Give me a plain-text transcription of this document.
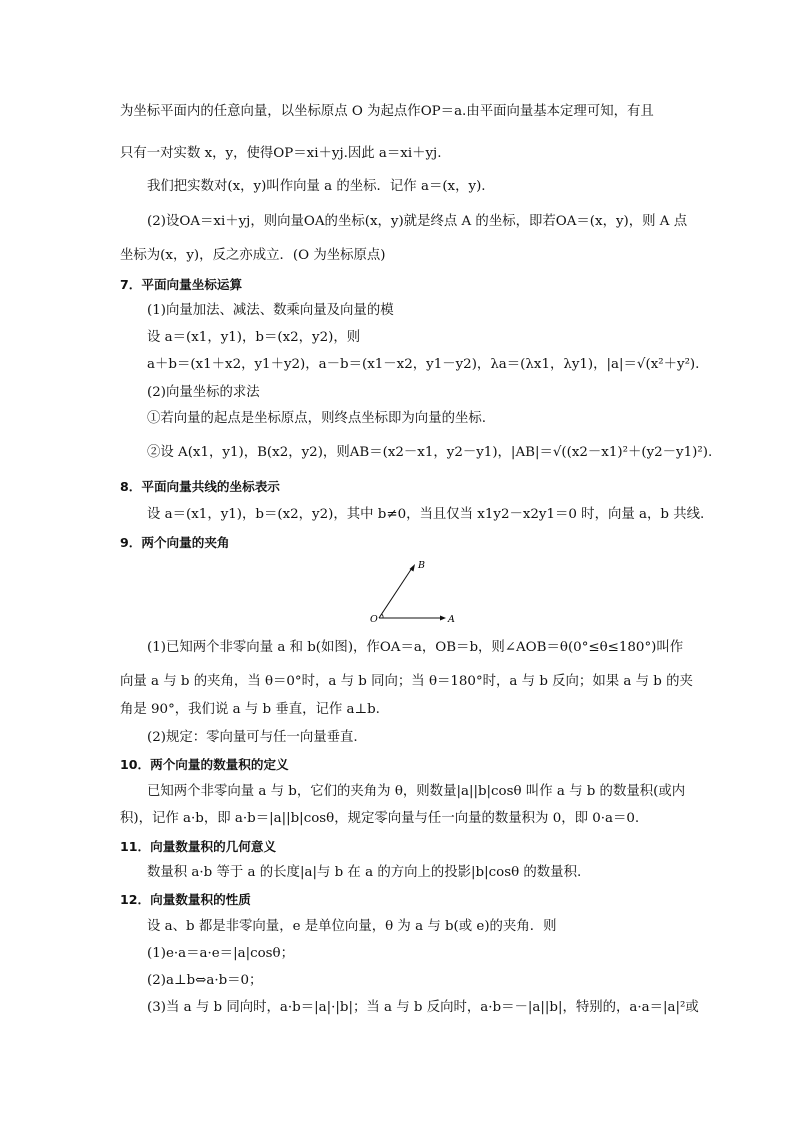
为坐标平面内的任意向量，以坐标原点 O 为起点作OP＝a.由平面向量基本定理可知，有且
只有一对实数 x，y，使得OP＝xi＋yj.因此 a＝xi＋yj.
我们把实数对(x，y)叫作向量 a 的坐标．记作 a＝(x，y).
(2)设OA＝xi＋yj，则向量OA的坐标(x，y)就是终点 A 的坐标，即若OA＝(x，y)，则 A 点
坐标为(x，y)，反之亦成立．(O 为坐标原点)
7．平面向量坐标运算
(1)向量加法、减法、数乘向量及向量的模
设 a＝(x1，y1)，b＝(x2，y2)，则
a＋b＝(x1＋x2，y1＋y2)，a－b＝(x1－x2，y1－y2)，λa＝(λx1，λy1)，|a|＝√(x²＋y²).
(2)向量坐标的求法
①若向量的起点是坐标原点，则终点坐标即为向量的坐标.
②设 A(x1，y1)，B(x2，y2)，则AB＝(x2－x1，y2－y1)，|AB|＝√((x2－x1)²＋(y2－y1)²).
8．平面向量共线的坐标表示
设 a＝(x1，y1)，b＝(x2，y2)，其中 b≠0，当且仅当 x1y2－x2y1＝0 时，向量 a，b 共线.
9．两个向量的夹角
O	A
B
(1)已知两个非零向量 a 和 b(如图)，作OA＝a，OB＝b，则∠AOB＝θ(0°≤θ≤180°)叫作
向量 a 与 b 的夹角，当 θ＝0°时，a 与 b 同向；当 θ＝180°时，a 与 b 反向；如果 a 与 b 的夹
角是 90°，我们说 a 与 b 垂直，记作 a⊥b.
(2)规定：零向量可与任一向量垂直.
10．两个向量的数量积的定义
已知两个非零向量 a 与 b，它们的夹角为 θ，则数量|a||b|cosθ 叫作 a 与 b 的数量积(或内
积)，记作 a·b，即 a·b＝|a||b|cosθ，规定零向量与任一向量的数量积为 0，即 0·a＝0.
11．向量数量积的几何意义
数量积 a·b 等于 a 的长度|a|与 b 在 a 的方向上的投影|b|cosθ 的数量积.
12．向量数量积的性质
设 a、b 都是非零向量，e 是单位向量，θ 为 a 与 b(或 e)的夹角．则
(1)e·a＝a·e＝|a|cosθ；
(2)a⊥b⇔a·b＝0；
(3)当 a 与 b 同向时，a·b＝|a|·|b|；当 a 与 b 反向时，a·b＝－|a||b|，特别的，a·a＝|a|²或
